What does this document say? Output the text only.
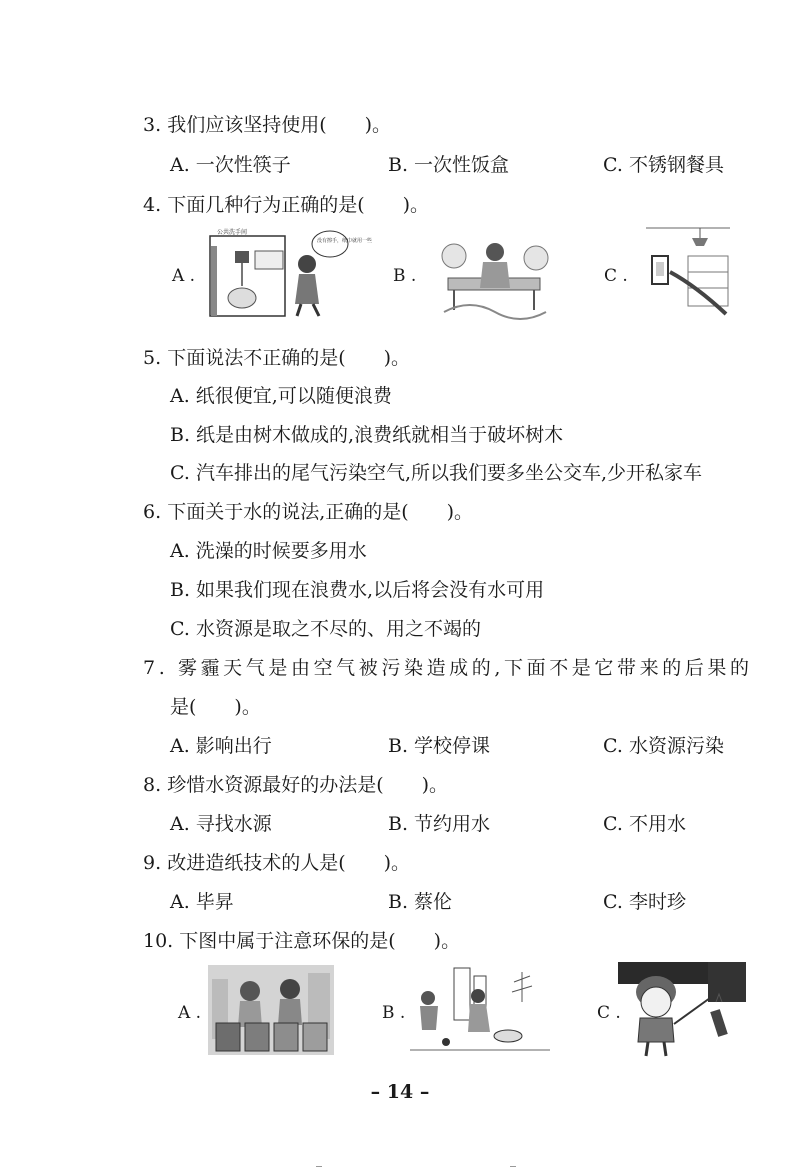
3. 我们应该坚持使用(　　)。
A. 一次性筷子	B. 一次性饭盒	C. 不锈钢餐具
4. 下面几种行为正确的是(　　)。
A .
没有擦手，纸巾就用一些
公共洗手间
B .	C .
5. 下面说法不正确的是(　　)。
A. 纸很便宜,可以随便浪费
B. 纸是由树木做成的,浪费纸就相当于破坏树木
C. 汽车排出的尾气污染空气,所以我们要多坐公交车,少开私家车
6. 下面关于水的说法,正确的是(　　)。
A. 洗澡的时候要多用水
B. 如果我们现在浪费水,以后将会没有水可用
C. 水资源是取之不尽的、用之不竭的
7. 雾霾天气是由空气被污染造成的,下面不是它带来的后果的
是(　　)。
A. 影响出行	B. 学校停课	C. 水资源污染
8. 珍惜水资源最好的办法是(　　)。
A. 寻找水源	B. 节约用水	C. 不用水
9. 改进造纸技术的人是(　　)。
A. 毕昇	B. 蔡伦	C. 李时珍
10. 下图中属于注意环保的是(　　)。
A .	B .	C .
– 14 –
